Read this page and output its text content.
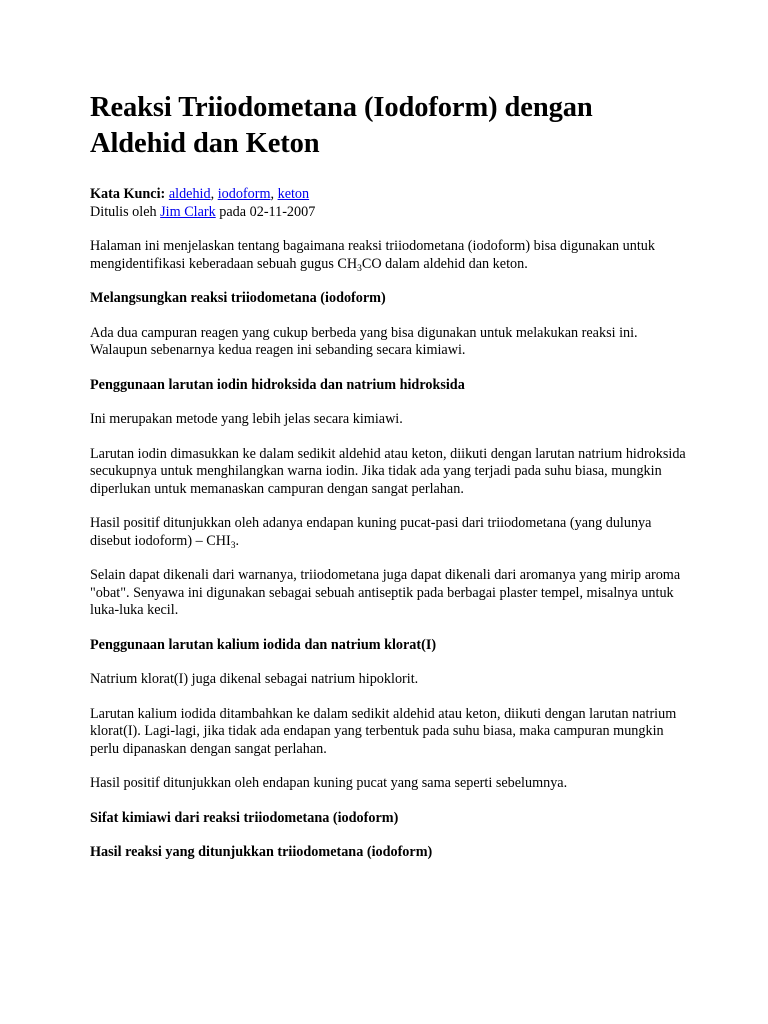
Reaksi Triiodometana (Iodoform) dengan Aldehid dan Keton

Kata Kunci: aldehid, iodoform, keton
Ditulis oleh Jim Clark pada 02-11-2007

Halaman ini menjelaskan tentang bagaimana reaksi triiodometana (iodoform) bisa digunakan untuk mengidentifikasi keberadaan sebuah gugus $CH_3CO$ dalam aldehid dan keton.

Melangsungkan reaksi triiodometana (iodoform)

Ada dua campuran reagen yang cukup berbeda yang bisa digunakan untuk melakukan reaksi ini. Walaupun sebenarnya kedua reagen ini sebanding secara kimiawi.

Penggunaan larutan iodin hidroksida dan natrium hidroksida

Ini merupakan metode yang lebih jelas secara kimiawi.

Larutan iodin dimasukkan ke dalam sedikit aldehid atau keton, diikuti dengan larutan natrium hidroksida secukupnya untuk menghilangkan warna iodin. Jika tidak ada yang terjadi pada suhu biasa, mungkin diperlukan untuk memanaskan campuran dengan sangat perlahan.

Hasil positif ditunjukkan oleh adanya endapan kuning pucat-pasi dari triiodometana (yang dulunya disebut iodoform) – $CHI_3$.

Selain dapat dikenali dari warnanya, triiodometana juga dapat dikenali dari aromanya yang mirip aroma "obat". Senyawa ini digunakan sebagai sebuah antiseptik pada berbagai plaster tempel, misalnya untuk luka-luka kecil.

Penggunaan larutan kalium iodida dan natrium klorat(I)

Natrium klorat(I) juga dikenal sebagai natrium hipoklorit.

Larutan kalium iodida ditambahkan ke dalam sedikit aldehid atau keton, diikuti dengan larutan natrium klorat(I). Lagi-lagi, jika tidak ada endapan yang terbentuk pada suhu biasa, maka campuran mungkin perlu dipanaskan dengan sangat perlahan.

Hasil positif ditunjukkan oleh endapan kuning pucat yang sama seperti sebelumnya.

Sifat kimiawi dari reaksi triiodometana (iodoform)

Hasil reaksi yang ditunjukkan triiodometana (iodoform)
